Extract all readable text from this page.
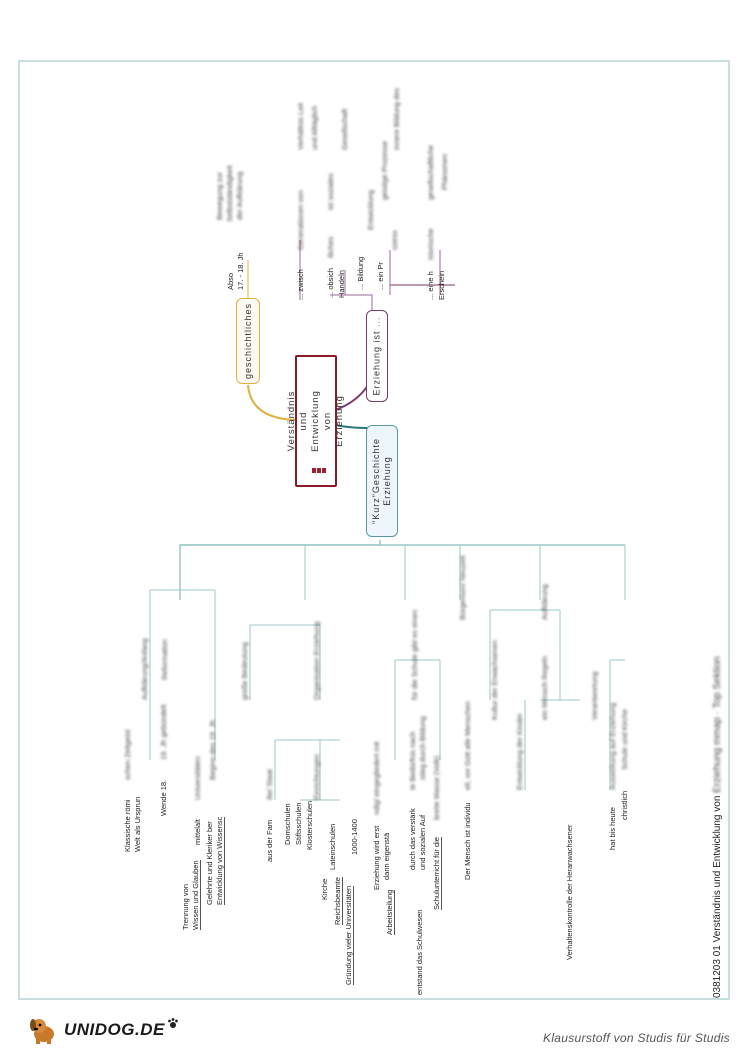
Verständnis und Entwicklung von Erziehung
geschichtliches	Erziehung ist ...
"Kurz"Geschichte Erziehung
Abso 17. - 18. Jh
Bewegung zur Selbstständigkeit der Aufklärung
... zwisch
Generationen von
Verhältnis Leit und Alltäglich
... obsich Handeln
tliches
ist soziales
Gesellschaft
... Bildung
Entwicklung
geistige Prozesse
innere Bildung des
... ein Pr
ozess
... eine h Erschein
istorische
gesellschaftliche Phänomen
Klassische römi Welt als Ursprun
schen Zeitgeist
Aufklärung/Anfang
Wende 18.
19. Jh gebündelt
Reformation
Trennung von Wissen und Glauben
mittelalt
Universitäten
Gelehrte und Kleriker ber Entwicklung von Wissensc
Beginn des 19. Jh
große Bedeutung
aus der Fam
ilie/ Staat
Domschulen Stiftsschulen Klosterschulen
Einrichtungen
Kirche
Lateinschulen
Reichsbeamte Gründung vieler Universitäten
1000-1400
Organisation Erziehung
Erziehung wird erst dann eigenstä
ndig/ eingegliedert mit
Arbeitsteilung
durch das verstärk und sozialen Auf
te Bedürfnis nach stieg durch Bildung
entstand das Schulwesen
Schulunterricht für die
breite Masse (Volk)
für die Schule gibt es einen
Der Mensch ist individu
ell, vor Gott alle Menschen
Bürgertum/ Neuzeit
Kultur der Erwachsenen
Entwicklung der Kinder
Verhaltenskontrolle der Heranwachsener
ein Mensch Regeln
Aufklärung
Verantwortung
hat bis heute
christlich
Auswirkung auf Erziehung Schule und Kirche
0381203 01 Verständnis und Entwicklung von Erziehung mmap · Top Sektion
UNIDOG.DE	Klausurstoff von Studis für Studis
